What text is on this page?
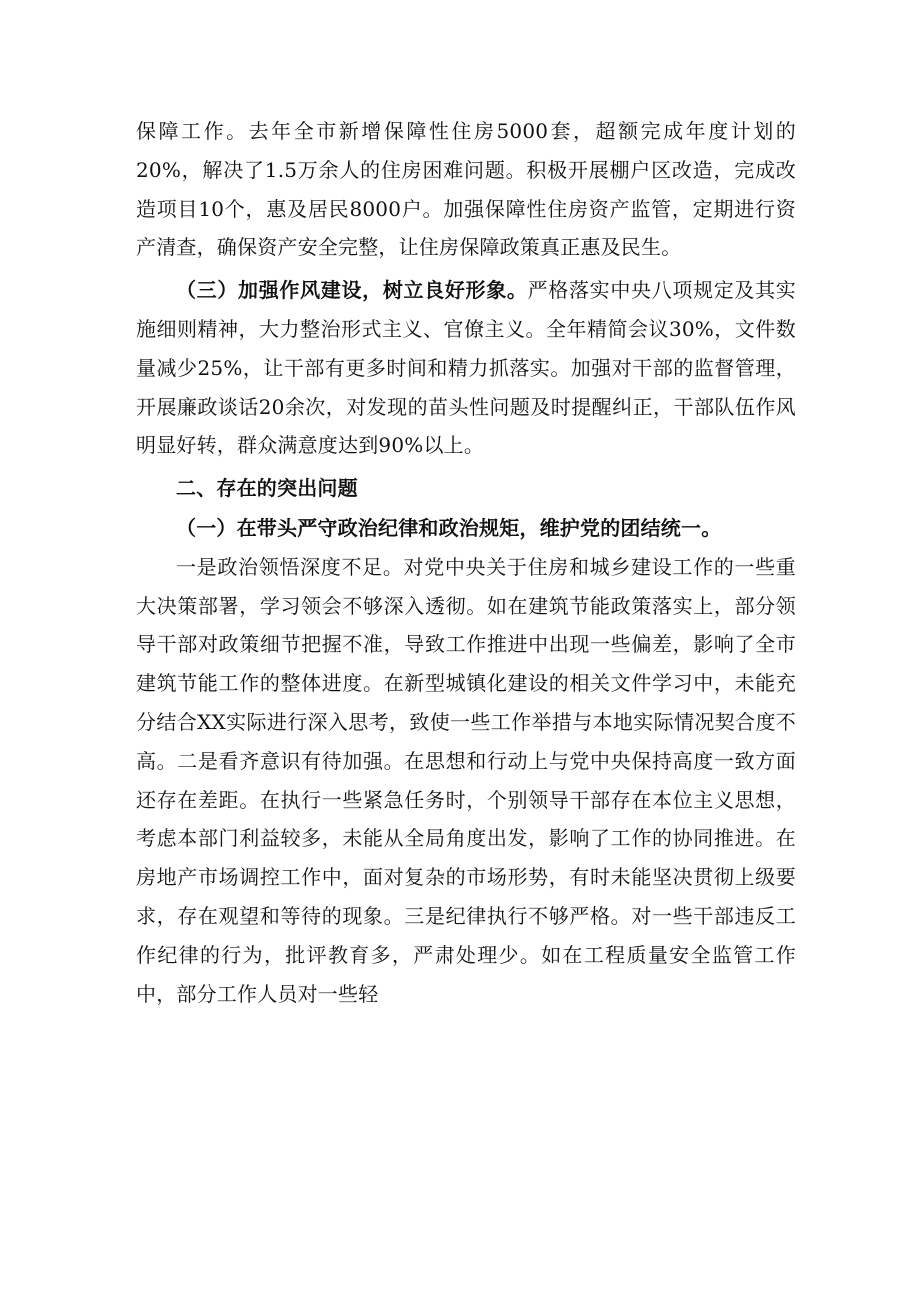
保障工作。去年全市新增保障性住房5000套，超额完成年度计划的20%，解决了1.5万余人的住房困难问题。积极开展棚户区改造，完成改造项目10个，惠及居民8000户。加强保障性住房资产监管，定期进行资产清查，确保资产安全完整，让住房保障政策真正惠及民生。

（三）加强作风建设，树立良好形象。严格落实中央八项规定及其实施细则精神，大力整治形式主义、官僚主义。全年精简会议30%，文件数量减少25%，让干部有更多时间和精力抓落实。加强对干部的监督管理，开展廉政谈话20余次，对发现的苗头性问题及时提醒纠正，干部队伍作风明显好转，群众满意度达到90%以上。

二、存在的突出问题

（一）在带头严守政治纪律和政治规矩，维护党的团结统一。

一是政治领悟深度不足。对党中央关于住房和城乡建设工作的一些重大决策部署，学习领会不够深入透彻。如在建筑节能政策落实上，部分领导干部对政策细节把握不准，导致工作推进中出现一些偏差，影响了全市建筑节能工作的整体进度。在新型城镇化建设的相关文件学习中，未能充分结合XX实际进行深入思考，致使一些工作举措与本地实际情况契合度不高。二是看齐意识有待加强。在思想和行动上与党中央保持高度一致方面还存在差距。在执行一些紧急任务时，个别领导干部存在本位主义思想，考虑本部门利益较多，未能从全局角度出发，影响了工作的协同推进。在房地产市场调控工作中，面对复杂的市场形势，有时未能坚决贯彻上级要求，存在观望和等待的现象。三是纪律执行不够严格。对一些干部违反工作纪律的行为，批评教育多，严肃处理少。如在工程质量安全监管工作中，部分工作人员对一些轻
